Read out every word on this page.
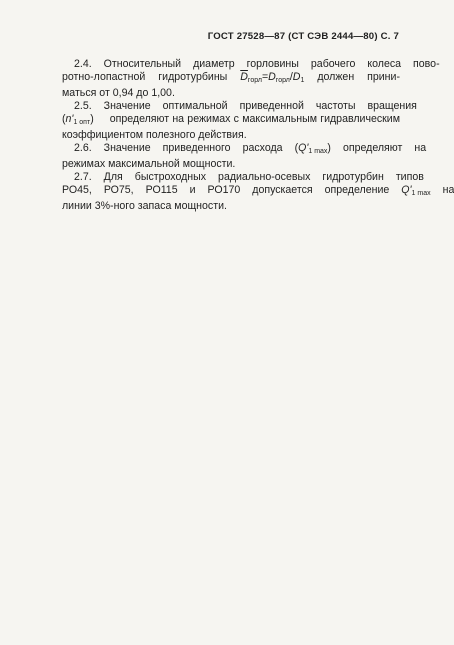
ГОСТ 27528—87 (СТ СЭВ 2444—80) С. 7
2.4.	Относительный	диаметр	горловины	рабочего	колеса	пово-
ротно-лопастной	гидротурбины	$\overline{D}_{горл}=D_{горл}/D_1$	должен	прини-
маться от 0,94 до 1,00.
2.5.	Значение	оптимальной	приведенной	частоты	вращения
$(n'_{1 опт})$	определяют на режимах с максимальным гидравлическим
коэффициентом полезного действия.
2.6.	Значение	приведенного	расхода	$(Q'_{1 max})$	определяют	на
режимах максимальной мощности.
2.7.	Для	быстроходных	радиально-осевых	гидротурбин	типов
РО45,	РО75,	РО115	и	РО170	допускается	определение	$Q'_{1 max}$	на
линии 3%-ного запаса мощности.
